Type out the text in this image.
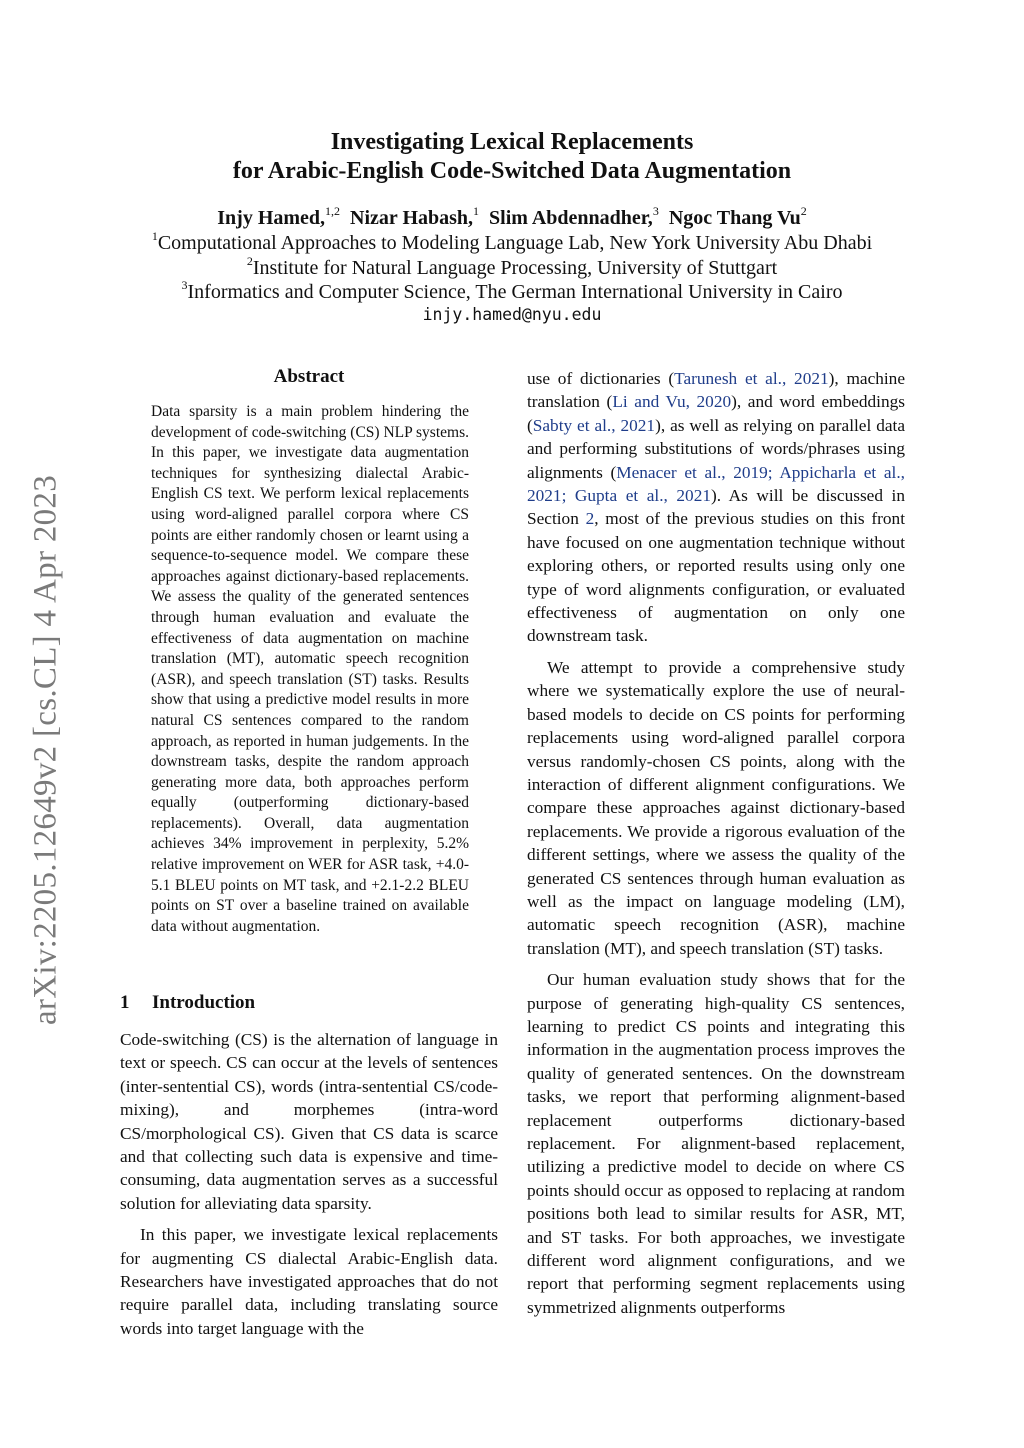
arXiv:2205.12649v2 [cs.CL] 4 Apr 2023
Investigating Lexical Replacements
for Arabic-English Code-Switched Data Augmentation
Injy Hamed,$^{1,2}$ Nizar Habash,$^1$ Slim Abdennadher,$^3$ Ngoc Thang Vu$^2$
$^1$Computational Approaches to Modeling Language Lab, New York University Abu Dhabi
$^2$Institute for Natural Language Processing, University of Stuttgart
$^3$Informatics and Computer Science, The German International University in Cairo
injy.hamed@nyu.edu
Abstract
Data sparsity is a main problem hindering the development of code-switching (CS) NLP systems. In this paper, we investigate data augmentation techniques for synthesizing dialectal Arabic-English CS text. We perform lexical replacements using word-aligned parallel corpora where CS points are either randomly chosen or learnt using a sequence-to-sequence model. We compare these approaches against dictionary-based replacements. We assess the quality of the generated sentences through human evaluation and evaluate the effectiveness of data augmentation on machine translation (MT), automatic speech recognition (ASR), and speech translation (ST) tasks. Results show that using a predictive model results in more natural CS sentences compared to the random approach, as reported in human judgements. In the downstream tasks, despite the random approach generating more data, both approaches perform equally (outperforming dictionary-based replacements). Overall, data augmentation achieves 34% improvement in perplexity, 5.2% relative improvement on WER for ASR task, +4.0-5.1 BLEU points on MT task, and +2.1-2.2 BLEU points on ST over a baseline trained on available data without augmentation.
1 Introduction

Code-switching (CS) is the alternation of language in text or speech. CS can occur at the levels of sentences (inter-sentential CS), words (intra-sentential CS/code-mixing), and morphemes (intra-word CS/morphological CS). Given that CS data is scarce and that collecting such data is expensive and time-consuming, data augmentation serves as a successful solution for alleviating data sparsity.

In this paper, we investigate lexical replacements for augmenting CS dialectal Arabic-English data. Researchers have investigated approaches that do not require parallel data, including translating source words into target language with the

use of dictionaries (Tarunesh et al., 2021), machine translation (Li and Vu, 2020), and word embeddings (Sabty et al., 2021), as well as relying on parallel data and performing substitutions of words/phrases using alignments (Menacer et al., 2019; Appicharla et al., 2021; Gupta et al., 2021). As will be discussed in Section 2, most of the previous studies on this front have focused on one augmentation technique without exploring others, or reported results using only one type of word alignments configuration, or evaluated effectiveness of augmentation on only one downstream task.

We attempt to provide a comprehensive study where we systematically explore the use of neural-based models to decide on CS points for performing replacements using word-aligned parallel corpora versus randomly-chosen CS points, along with the interaction of different alignment configurations. We compare these approaches against dictionary-based replacements. We provide a rigorous evaluation of the different settings, where we assess the quality of the generated CS sentences through human evaluation as well as the impact on language modeling (LM), automatic speech recognition (ASR), machine translation (MT), and speech translation (ST) tasks.

Our human evaluation study shows that for the purpose of generating high-quality CS sentences, learning to predict CS points and integrating this information in the augmentation process improves the quality of generated sentences. On the downstream tasks, we report that performing alignment-based replacement outperforms dictionary-based replacement. For alignment-based replacement, utilizing a predictive model to decide on where CS points should occur as opposed to replacing at random positions both lead to similar results for ASR, MT, and ST tasks. For both approaches, we investigate different word alignment configurations, and we report that performing segment replacements using symmetrized alignments outperforms
